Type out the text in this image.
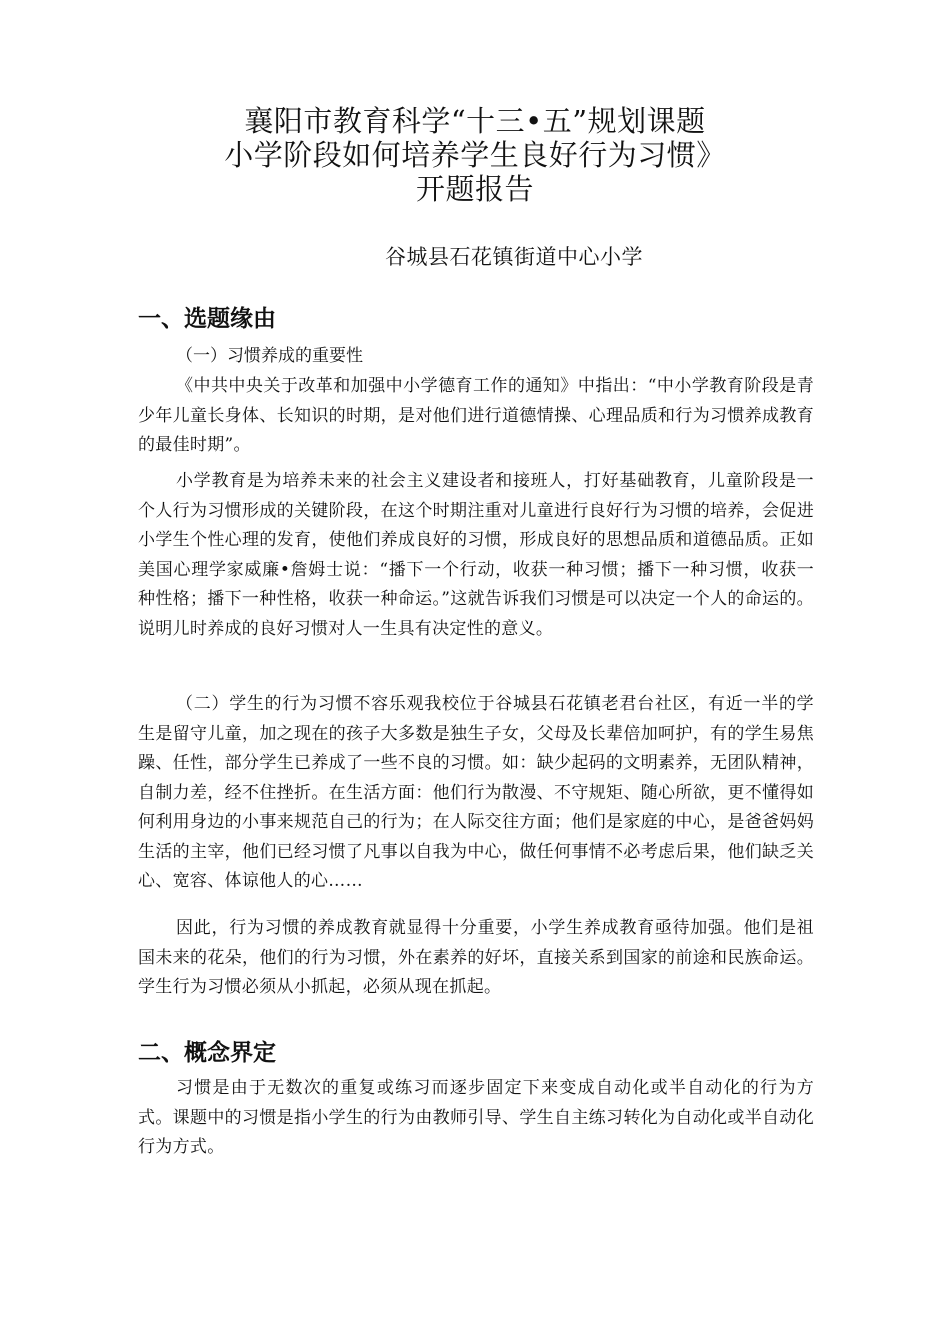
襄阳市教育科学“十三•五”规划课题
小学阶段如何培养学生良好行为习惯》
开题报告
谷城县石花镇街道中心小学
一、选题缘由
（一）习惯养成的重要性
《中共中央关于改革和加强中小学德育工作的通知》中指出：“中小学教育阶段是青少年儿童长身体、长知识的时期，是对他们进行道德情操、心理品质和行为习惯养成教育的最佳时期”。
小学教育是为培养未来的社会主义建设者和接班人，打好基础教育，儿童阶段是一个人行为习惯形成的关键阶段，在这个时期注重对儿童进行良好行为习惯的培养，会促进小学生个性心理的发育，使他们养成良好的习惯，形成良好的思想品质和道德品质。正如美国心理学家威廉•詹姆士说：“播下一个行动，收获一种习惯；播下一种习惯，收获一种性格；播下一种性格，收获一种命运。”这就告诉我们习惯是可以决定一个人的命运的。说明儿时养成的良好习惯对人一生具有决定性的意义。
（二）学生的行为习惯不容乐观我校位于谷城县石花镇老君台社区，有近一半的学生是留守儿童，加之现在的孩子大多数是独生子女，父母及长辈倍加呵护，有的学生易焦躁、任性，部分学生已养成了一些不良的习惯。如：缺少起码的文明素养，无团队精神，自制力差，经不住挫折。在生活方面：他们行为散漫、不守规矩、随心所欲，更不懂得如何利用身边的小事来规范自己的行为；在人际交往方面；他们是家庭的中心，是爸爸妈妈生活的主宰，他们已经习惯了凡事以自我为中心，做任何事情不必考虑后果，他们缺乏关心、宽容、体谅他人的心……
因此，行为习惯的养成教育就显得十分重要，小学生养成教育亟待加强。他们是祖国未来的花朵，他们的行为习惯，外在素养的好坏，直接关系到国家的前途和民族命运。学生行为习惯必须从小抓起，必须从现在抓起。
二、概念界定
习惯是由于无数次的重复或练习而逐步固定下来变成自动化或半自动化的行为方式。课题中的习惯是指小学生的行为由教师引导、学生自主练习转化为自动化或半自动化行为方式。
